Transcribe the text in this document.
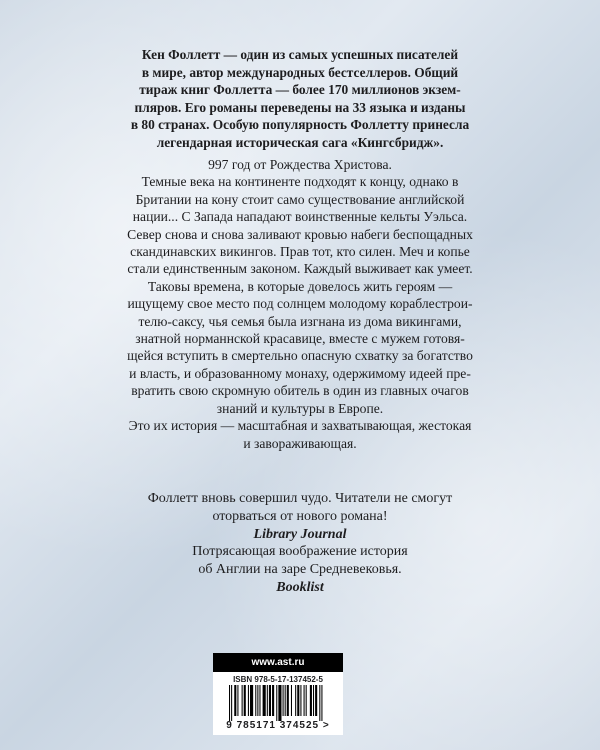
Кен Фоллетт — один из самых успешных писателей
в мире, автор международных бестселлеров. Общий
тираж книг Фоллетта — более 170 миллионов экзем-
пляров. Его романы переведены на 33 языка и изданы
в 80 странах. Особую популярность Фоллетту принесла
легендарная историческая сага «Кингсбридж».
997 год от Рождества Христова.
Темные века на континенте подходят к концу, однако в
Британии на кону стоит само существование английской
нации... С Запада нападают воинственные кельты Уэльса.
Север снова и снова заливают кровью набеги беспощадных
скандинавских викингов. Прав тот, кто силен. Меч и копье
стали единственным законом. Каждый выживает как умеет.
Таковы времена, в которые довелось жить героям —
ищущему свое место под солнцем молодому кораблестрои-
телю-саксу, чья семья была изгнана из дома викингами,
знатной норманнской красавице, вместе с мужем готовя-
щейся вступить в смертельно опасную схватку за богатство
и власть, и образованному монаху, одержимому идеей пре-
вратить свою скромную обитель в один из главных очагов
знаний и культуры в Европе.
Это их история — масштабная и захватывающая, жестокая
и завораживающая.
Фоллетт вновь совершил чудо. Читатели не смогут
оторваться от нового романа!
Library Journal
Потрясающая воображение история
об Англии на заре Средневековья.
Booklist
www.ast.ru
ISBN 978-5-17-137452-5
9 785171 374525 >
